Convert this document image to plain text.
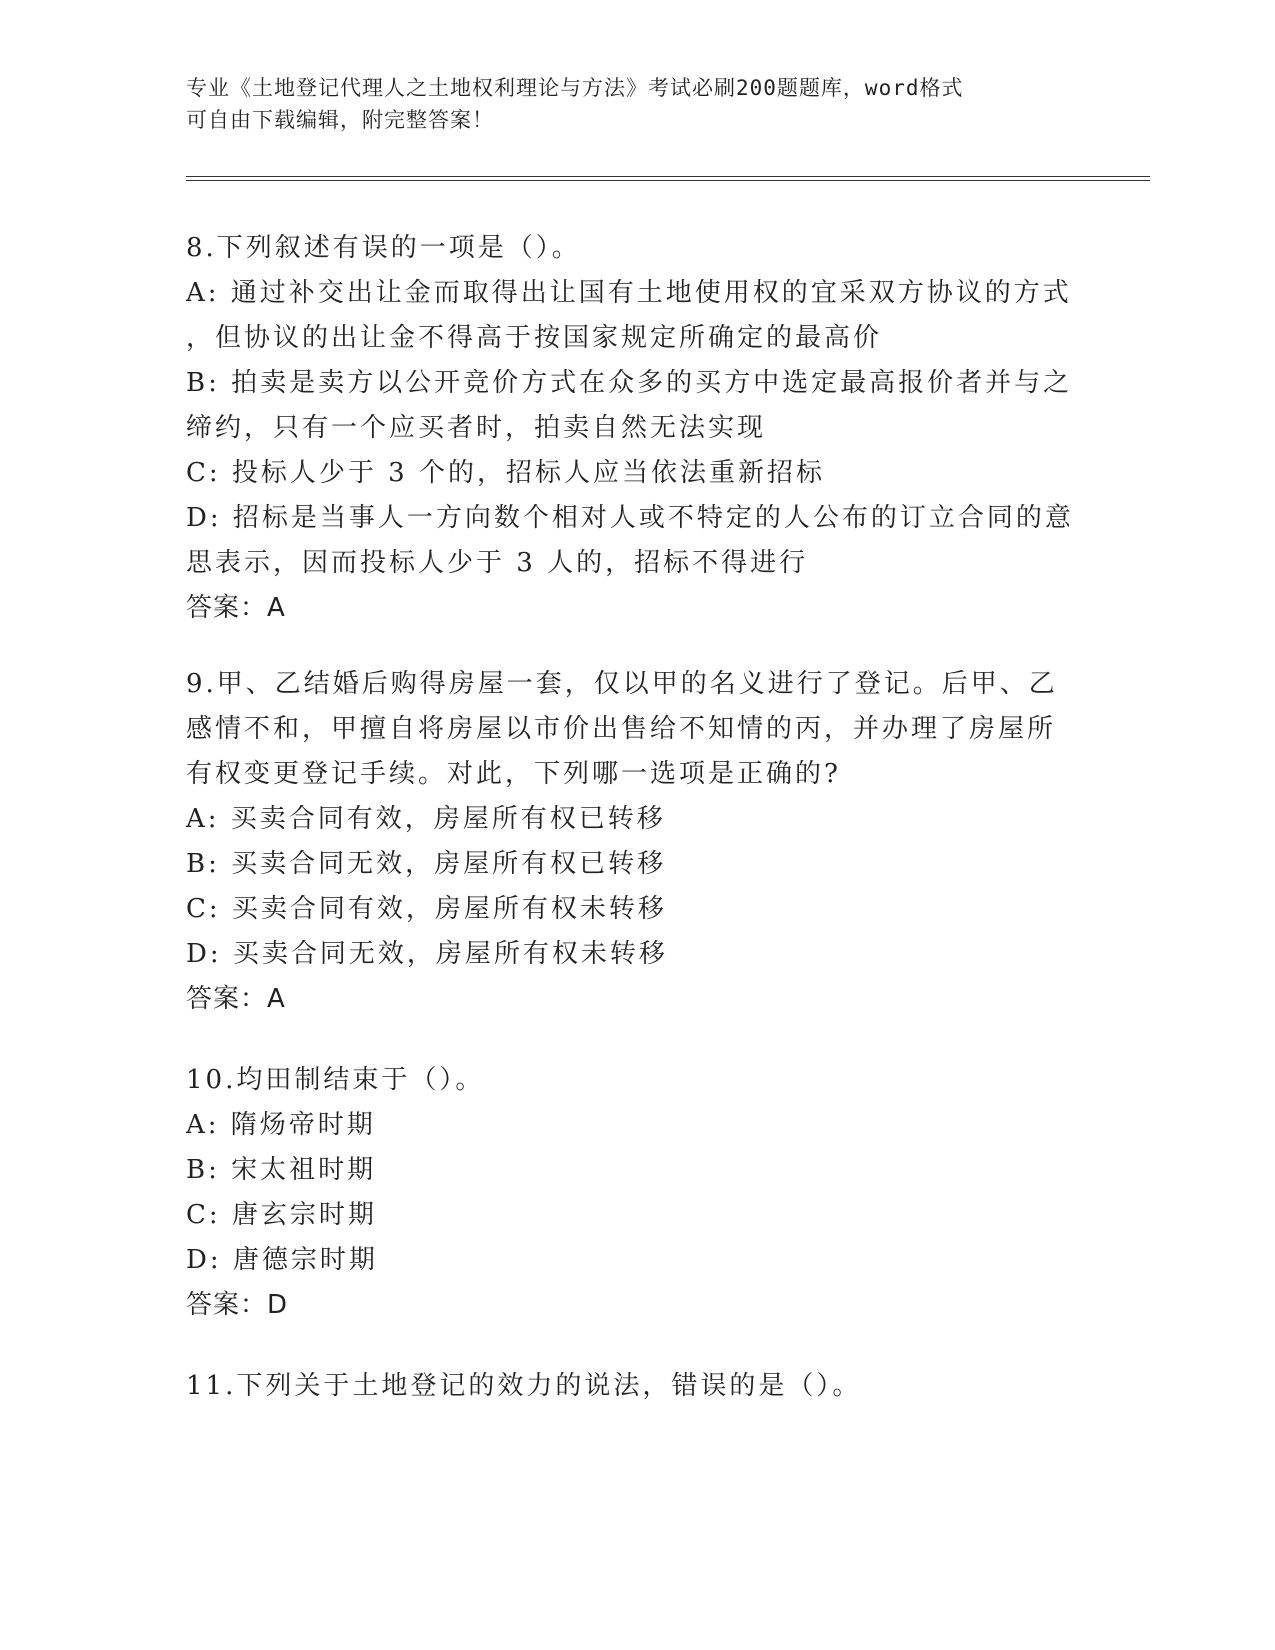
专业《土地登记代理人之土地权利理论与方法》考试必刷200题题库，word格式
可自由下载编辑，附完整答案！

8.下列叙述有误的一项是（）。

A: 通过补交出让金而取得出让国有土地使用权的宜采双方协议的方式

，但协议的出让金不得高于按国家规定所确定的最高价

B: 拍卖是卖方以公开竞价方式在众多的买方中选定最高报价者并与之

缔约，只有一个应买者时，拍卖自然无法实现

C: 投标人少于 3 个的，招标人应当依法重新招标

D: 招标是当事人一方向数个相对人或不特定的人公布的订立合同的意

思表示，因而投标人少于 3 人的，招标不得进行

答案：A

9.甲、乙结婚后购得房屋一套，仅以甲的名义进行了登记。后甲、乙

感情不和，甲擅自将房屋以市价出售给不知情的丙，并办理了房屋所

有权变更登记手续。对此，下列哪一选项是正确的?

A: 买卖合同有效，房屋所有权已转移

B: 买卖合同无效，房屋所有权已转移

C: 买卖合同有效，房屋所有权未转移

D: 买卖合同无效，房屋所有权未转移

答案：A

10.均田制结束于（）。

A: 隋炀帝时期

B: 宋太祖时期

C: 唐玄宗时期

D: 唐德宗时期

答案：D

11.下列关于土地登记的效力的说法，错误的是（）。
